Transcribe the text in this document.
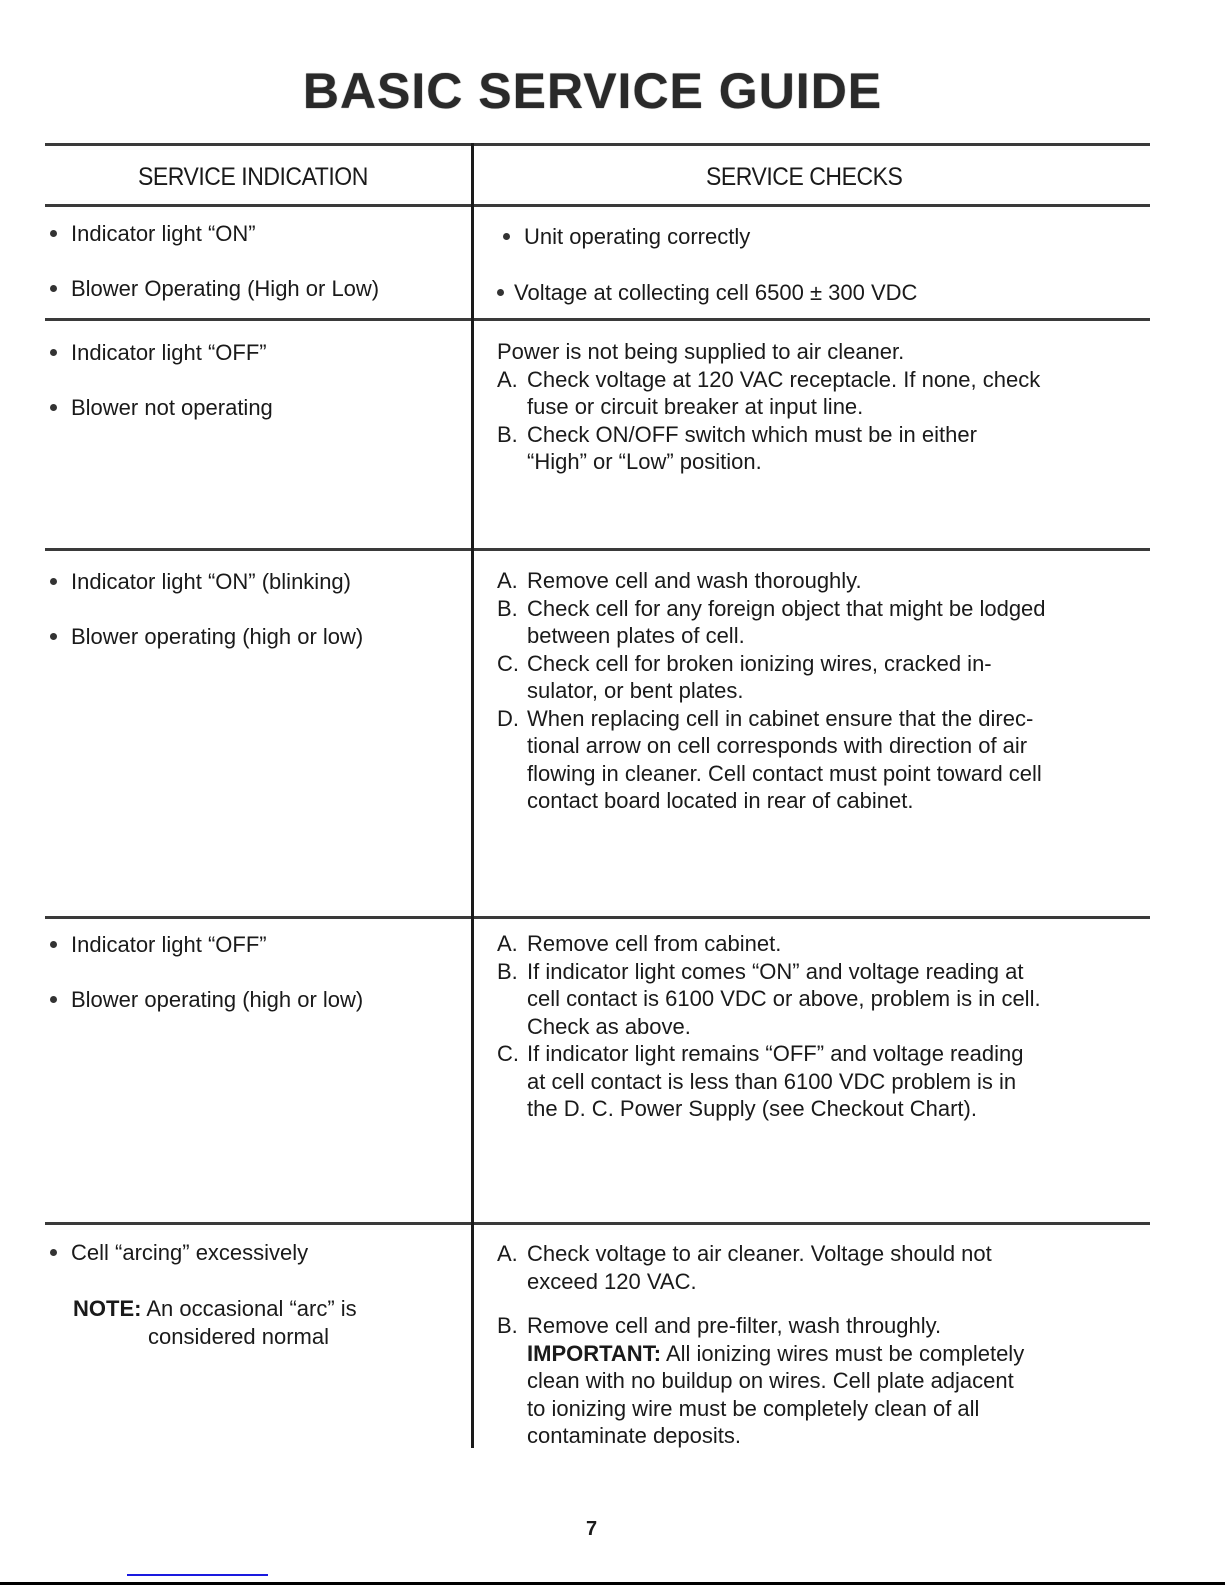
BASIC SERVICE GUIDE
SERVICE INDICATION	SERVICE CHECKS
Indicator light “ON”
Blower Operating (High or Low)
Unit operating correctly
Voltage at collecting cell 6500 ± 300 VDC
Indicator light “OFF”
Blower not operating
Power is not being supplied to air cleaner.
A. Check voltage at 120 VAC receptacle. If none, check
fuse or circuit breaker at input line.
B. Check ON/OFF switch which must be in either
“High” or “Low” position.
Indicator light “ON” (blinking)
Blower operating (high or low)
A. Remove cell and wash thoroughly.
B. Check cell for any foreign object that might be lodged
between plates of cell.
C. Check cell for broken ionizing wires, cracked in-
sulator, or bent plates.
D. When replacing cell in cabinet ensure that the direc-
tional arrow on cell corresponds with direction of air
flowing in cleaner. Cell contact must point toward cell
contact board located in rear of cabinet.
Indicator light “OFF”
Blower operating (high or low)
A. Remove cell from cabinet.
B. If indicator light comes “ON” and voltage reading at
cell contact is 6100 VDC or above, problem is in cell.
Check as above.
C. If indicator light remains “OFF” and voltage reading
at cell contact is less than 6100 VDC problem is in
the D. C. Power Supply (see Checkout Chart).
Cell “arcing” excessively
NOTE: An occasional “arc” is
considered normal
A. Check voltage to air cleaner. Voltage should not
exceed 120 VAC.
B. Remove cell and pre-filter, wash throughly.
IMPORTANT: All ionizing wires must be completely
clean with no buildup on wires. Cell plate adjacent
to ionizing wire must be completely clean of all
contaminate deposits.
7
